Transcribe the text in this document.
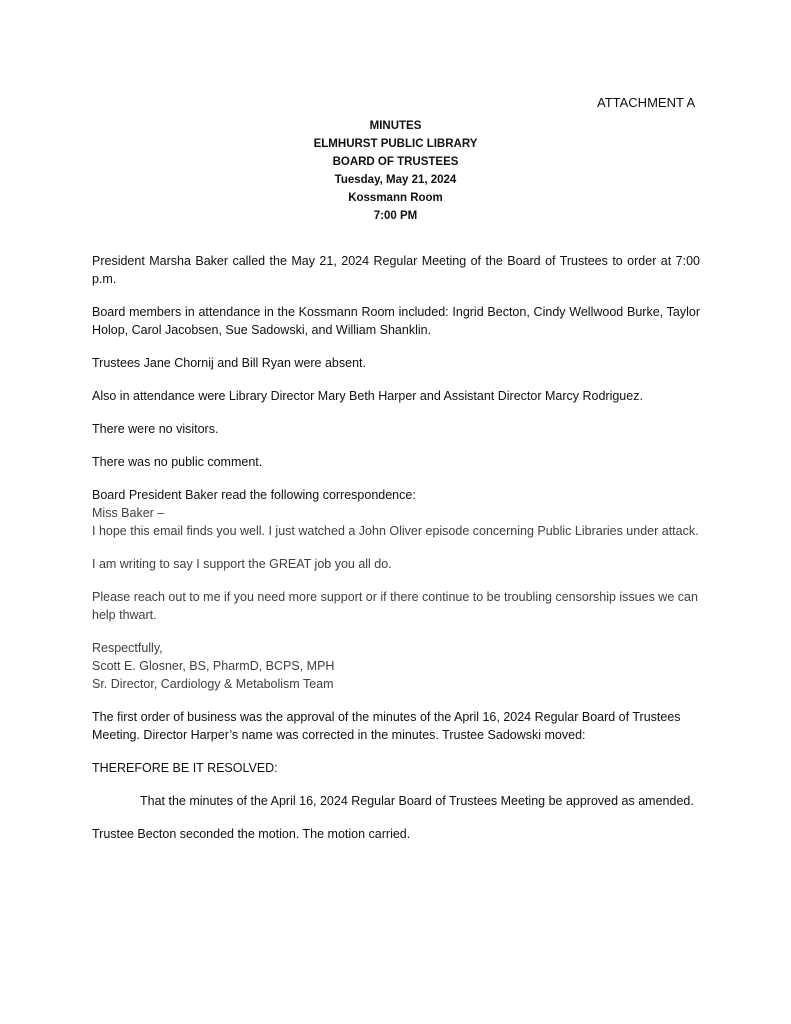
ATTACHMENT A
MINUTES
ELMHURST PUBLIC LIBRARY
BOARD OF TRUSTEES
Tuesday, May 21, 2024
Kossmann Room
7:00 PM

President Marsha Baker called the May 21, 2024 Regular Meeting of the Board of Trustees to order at 7:00 p.m.

Board members in attendance in the Kossmann Room included: Ingrid Becton, Cindy Wellwood Burke, Taylor Holop, Carol Jacobsen, Sue Sadowski, and William Shanklin.

Trustees Jane Chornij and Bill Ryan were absent.

Also in attendance were Library Director Mary Beth Harper and Assistant Director Marcy Rodriguez.

There were no visitors.

There was no public comment.

Board President Baker read the following correspondence:

Miss Baker –

I hope this email finds you well. I just watched a John Oliver episode concerning Public Libraries under attack.

I am writing to say I support the GREAT job you all do.

Please reach out to me if you need more support or if there continue to be troubling censorship issues we can help thwart.

Respectfully,
Scott E. Glosner, BS, PharmD, BCPS, MPH
Sr. Director, Cardiology & Metabolism Team

The first order of business was the approval of the minutes of the April 16, 2024 Regular Board of Trustees Meeting. Director Harper’s name was corrected in the minutes. Trustee Sadowski moved:

THEREFORE BE IT RESOLVED:

That the minutes of the April 16, 2024 Regular Board of Trustees Meeting be approved as amended.

Trustee Becton seconded the motion. The motion carried.
